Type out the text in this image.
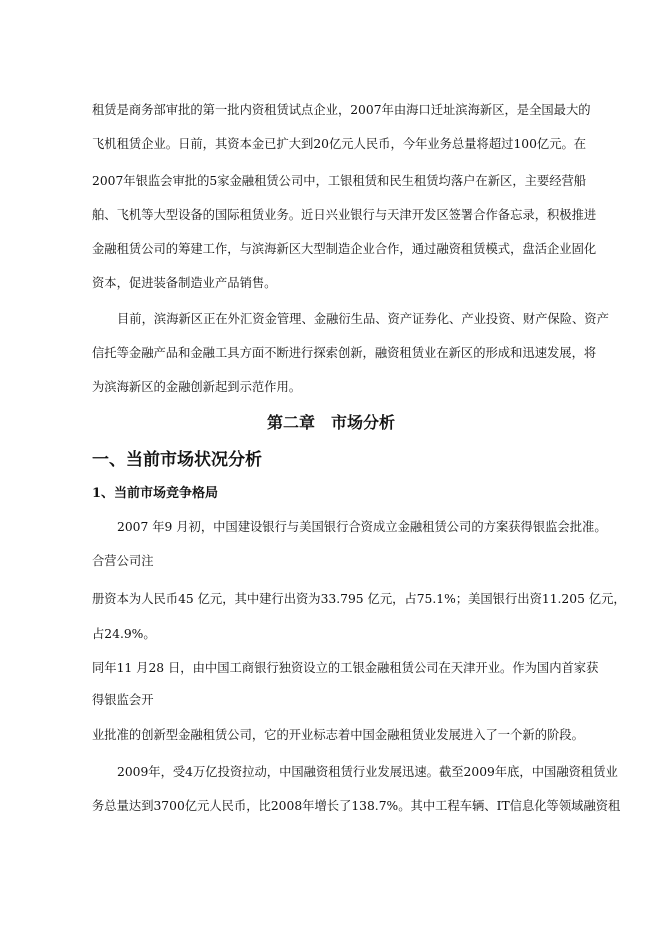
租赁是商务部审批的第一批内资租赁试点企业，2007年由海口迁址滨海新区，是全国最大的
飞机租赁企业。日前，其资本金已扩大到20亿元人民币，今年业务总量将超过100亿元。在
2007年银监会审批的5家金融租赁公司中，工银租赁和民生租赁均落户在新区，主要经营船
舶、飞机等大型设备的国际租赁业务。近日兴业银行与天津开发区签署合作备忘录，积极推进
金融租赁公司的筹建工作，与滨海新区大型制造企业合作，通过融资租赁模式，盘活企业固化
资本，促进装备制造业产品销售。
目前，滨海新区正在外汇资金管理、金融衍生品、资产证券化、产业投资、财产保险、资产
信托等金融产品和金融工具方面不断进行探索创新，融资租赁业在新区的形成和迅速发展，将
为滨海新区的金融创新起到示范作用。
第二章　市场分析
一、当前市场状况分析
1、当前市场竞争格局
2007 年9 月初，中国建设银行与美国银行合资成立金融租赁公司的方案获得银监会批准。
合营公司注
册资本为人民币45 亿元，其中建行出资为33.795 亿元，占75.1%；美国银行出资11.205 亿元，
占24.9%。
同年11 月28 日，由中国工商银行独资设立的工银金融租赁公司在天津开业。作为国内首家获
得银监会开
业批准的创新型金融租赁公司，它的开业标志着中国金融租赁业发展进入了一个新的阶段。
2009年，受4万亿投资拉动，中国融资租赁行业发展迅速。截至2009年底，中国融资租赁业
务总量达到3700亿元人民币，比2008年增长了138.7%。其中工程车辆、IT信息化等领域融资租
